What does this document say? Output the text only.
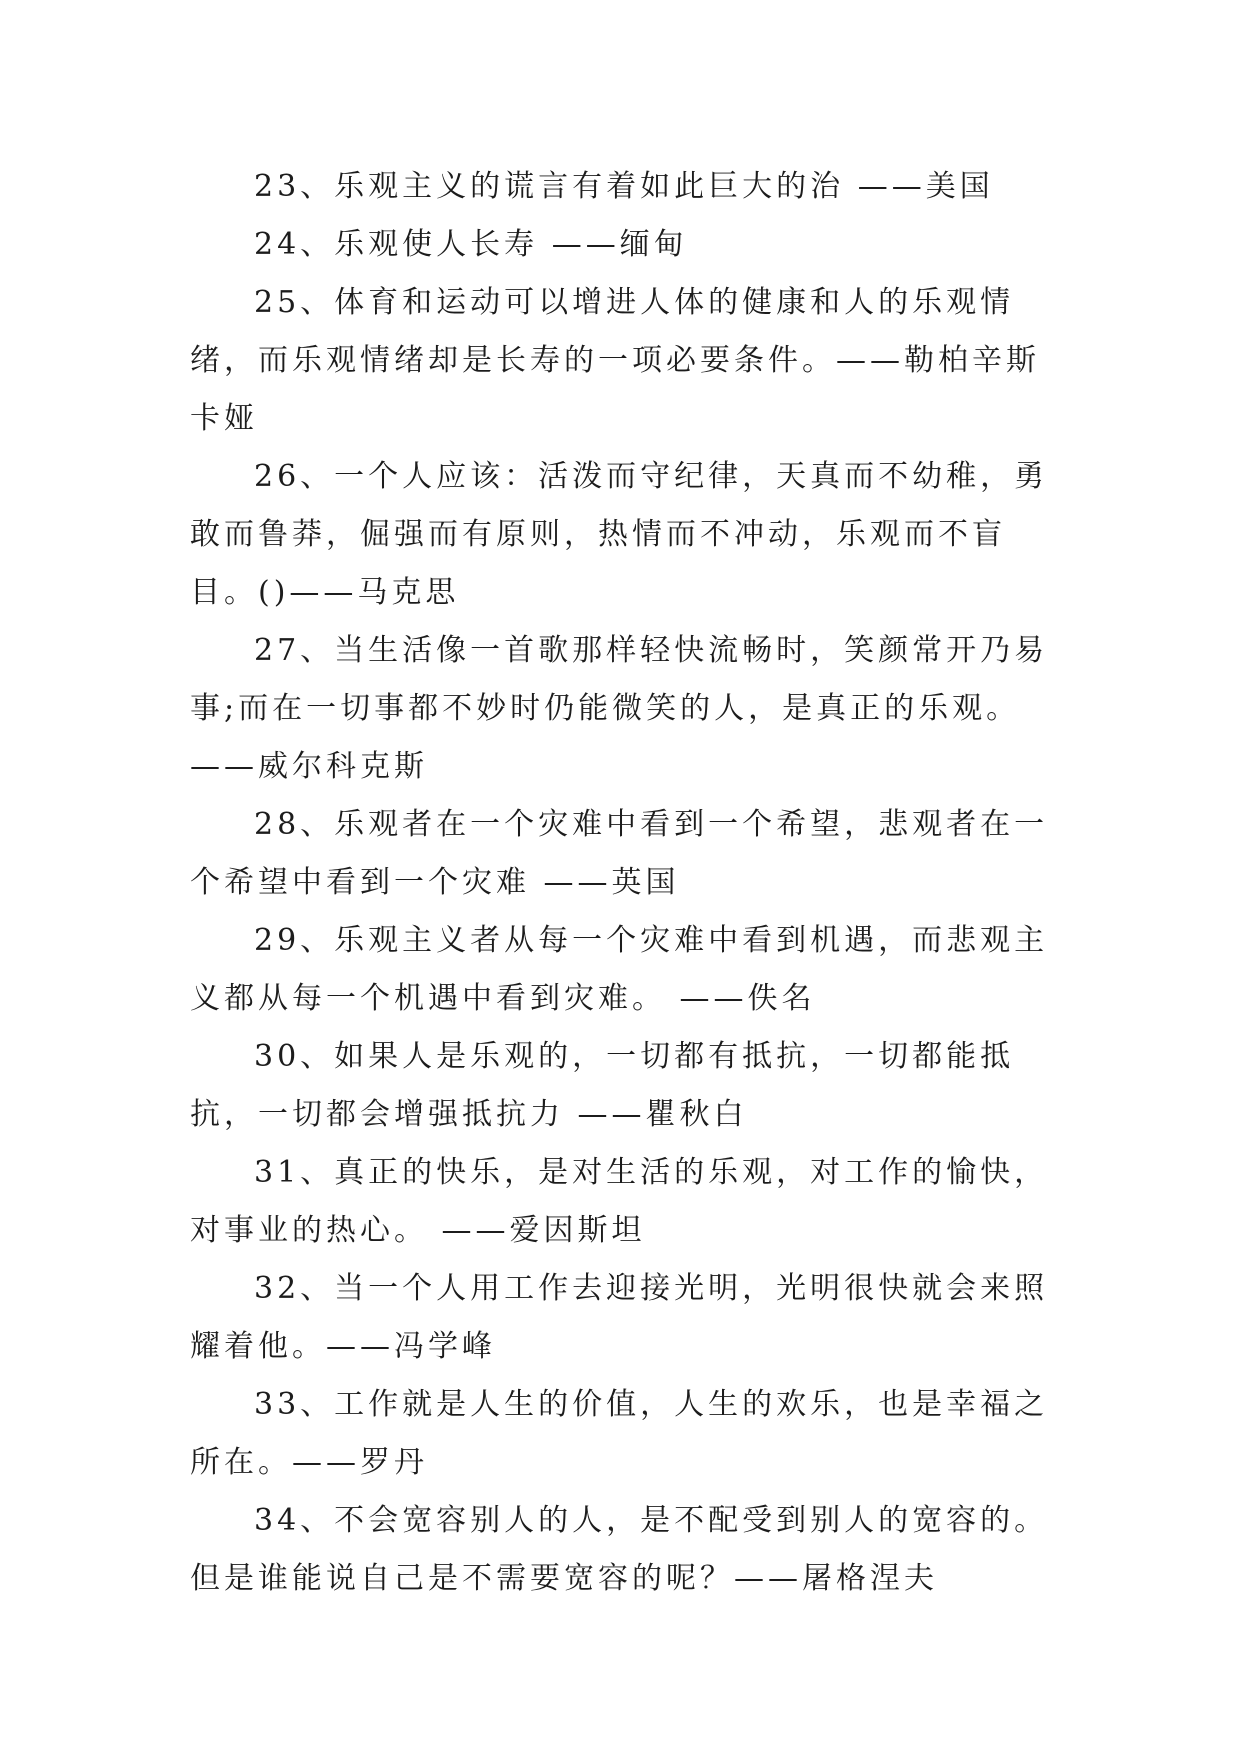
23、乐观主义的谎言有着如此巨大的治 ——美国

24、乐观使人长寿 ——缅甸

25、体育和运动可以增进人体的健康和人的乐观情绪，而乐观情绪却是长寿的一项必要条件。——勒柏辛斯卡娅

26、一个人应该：活泼而守纪律，天真而不幼稚，勇敢而鲁莽，倔强而有原则，热情而不冲动，乐观而不盲目。()——马克思

27、当生活像一首歌那样轻快流畅时，笑颜常开乃易事;而在一切事都不妙时仍能微笑的人，是真正的乐观。——威尔科克斯

28、乐观者在一个灾难中看到一个希望，悲观者在一个希望中看到一个灾难 ——英国

29、乐观主义者从每一个灾难中看到机遇，而悲观主义都从每一个机遇中看到灾难。 ——佚名

30、如果人是乐观的，一切都有抵抗，一切都能抵抗，一切都会增强抵抗力 ——瞿秋白

31、真正的快乐，是对生活的乐观，对工作的愉快，对事业的热心。 ——爱因斯坦

32、当一个人用工作去迎接光明，光明很快就会来照耀着他。——冯学峰

33、工作就是人生的价值，人生的欢乐，也是幸福之所在。——罗丹

34、不会宽容别人的人，是不配受到别人的宽容的。但是谁能说自己是不需要宽容的呢？——屠格涅夫
